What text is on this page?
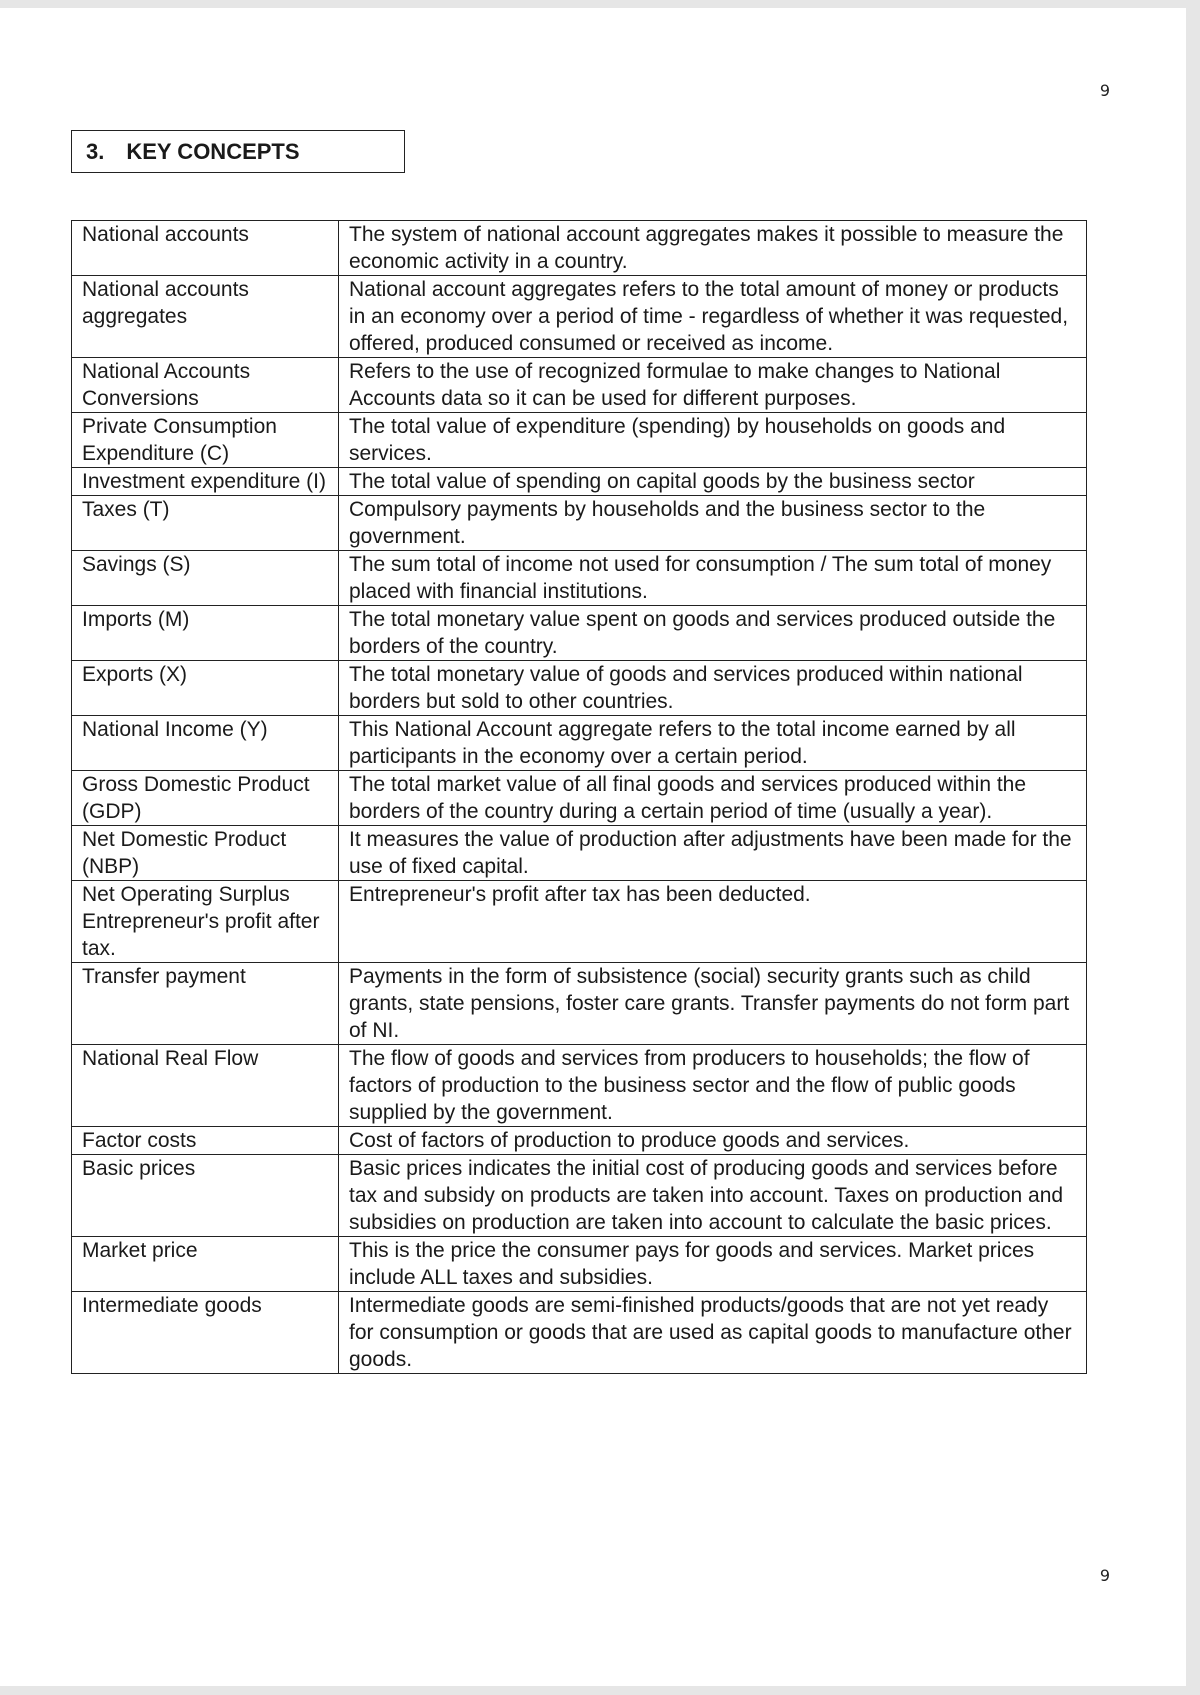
9
3. KEY CONCEPTS
National accounts	The system of national account aggregates makes it possible to measure the economic activity in a country.
National accounts aggregates	National account aggregates refers to the total amount of money or products in an economy over a period of time - regardless of whether it was requested, offered, produced consumed or received as income.
National Accounts Conversions	Refers to the use of recognized formulae to make changes to National Accounts data so it can be used for different purposes.
Private Consumption Expenditure (C)	The total value of expenditure (spending) by households on goods and services.
Investment expenditure (I)	The total value of spending on capital goods by the business sector
Taxes (T)	Compulsory payments by households and the business sector to the government.
Savings (S)	The sum total of income not used for consumption / The sum total of money placed with financial institutions.
Imports (M)	The total monetary value spent on goods and services produced outside the borders of the country.
Exports (X)	The total monetary value of goods and services produced within national borders but sold to other countries.
National Income (Y)	This National Account aggregate refers to the total income earned by all participants in the economy over a certain period.
Gross Domestic Product (GDP)	The total market value of all final goods and services produced within the borders of the country during a certain period of time (usually a year).
Net Domestic Product (NBP)	It measures the value of production after adjustments have been made for the use of fixed capital.
Net Operating Surplus Entrepreneur's profit after tax.	Entrepreneur's profit after tax has been deducted.
Transfer payment	Payments in the form of subsistence (social) security grants such as child grants, state pensions, foster care grants. Transfer payments do not form part of NI.
National Real Flow	The flow of goods and services from producers to households; the flow of factors of production to the business sector and the flow of public goods supplied by the government.
Factor costs	Cost of factors of production to produce goods and services.
Basic prices	Basic prices indicates the initial cost of producing goods and services before tax and subsidy on products are taken into account. Taxes on production and subsidies on production are taken into account to calculate the basic prices.
Market price	This is the price the consumer pays for goods and services. Market prices include ALL taxes and subsidies.
Intermediate goods	Intermediate goods are semi-finished products/goods that are not yet ready for consumption or goods that are used as capital goods to manufacture other goods.
9
